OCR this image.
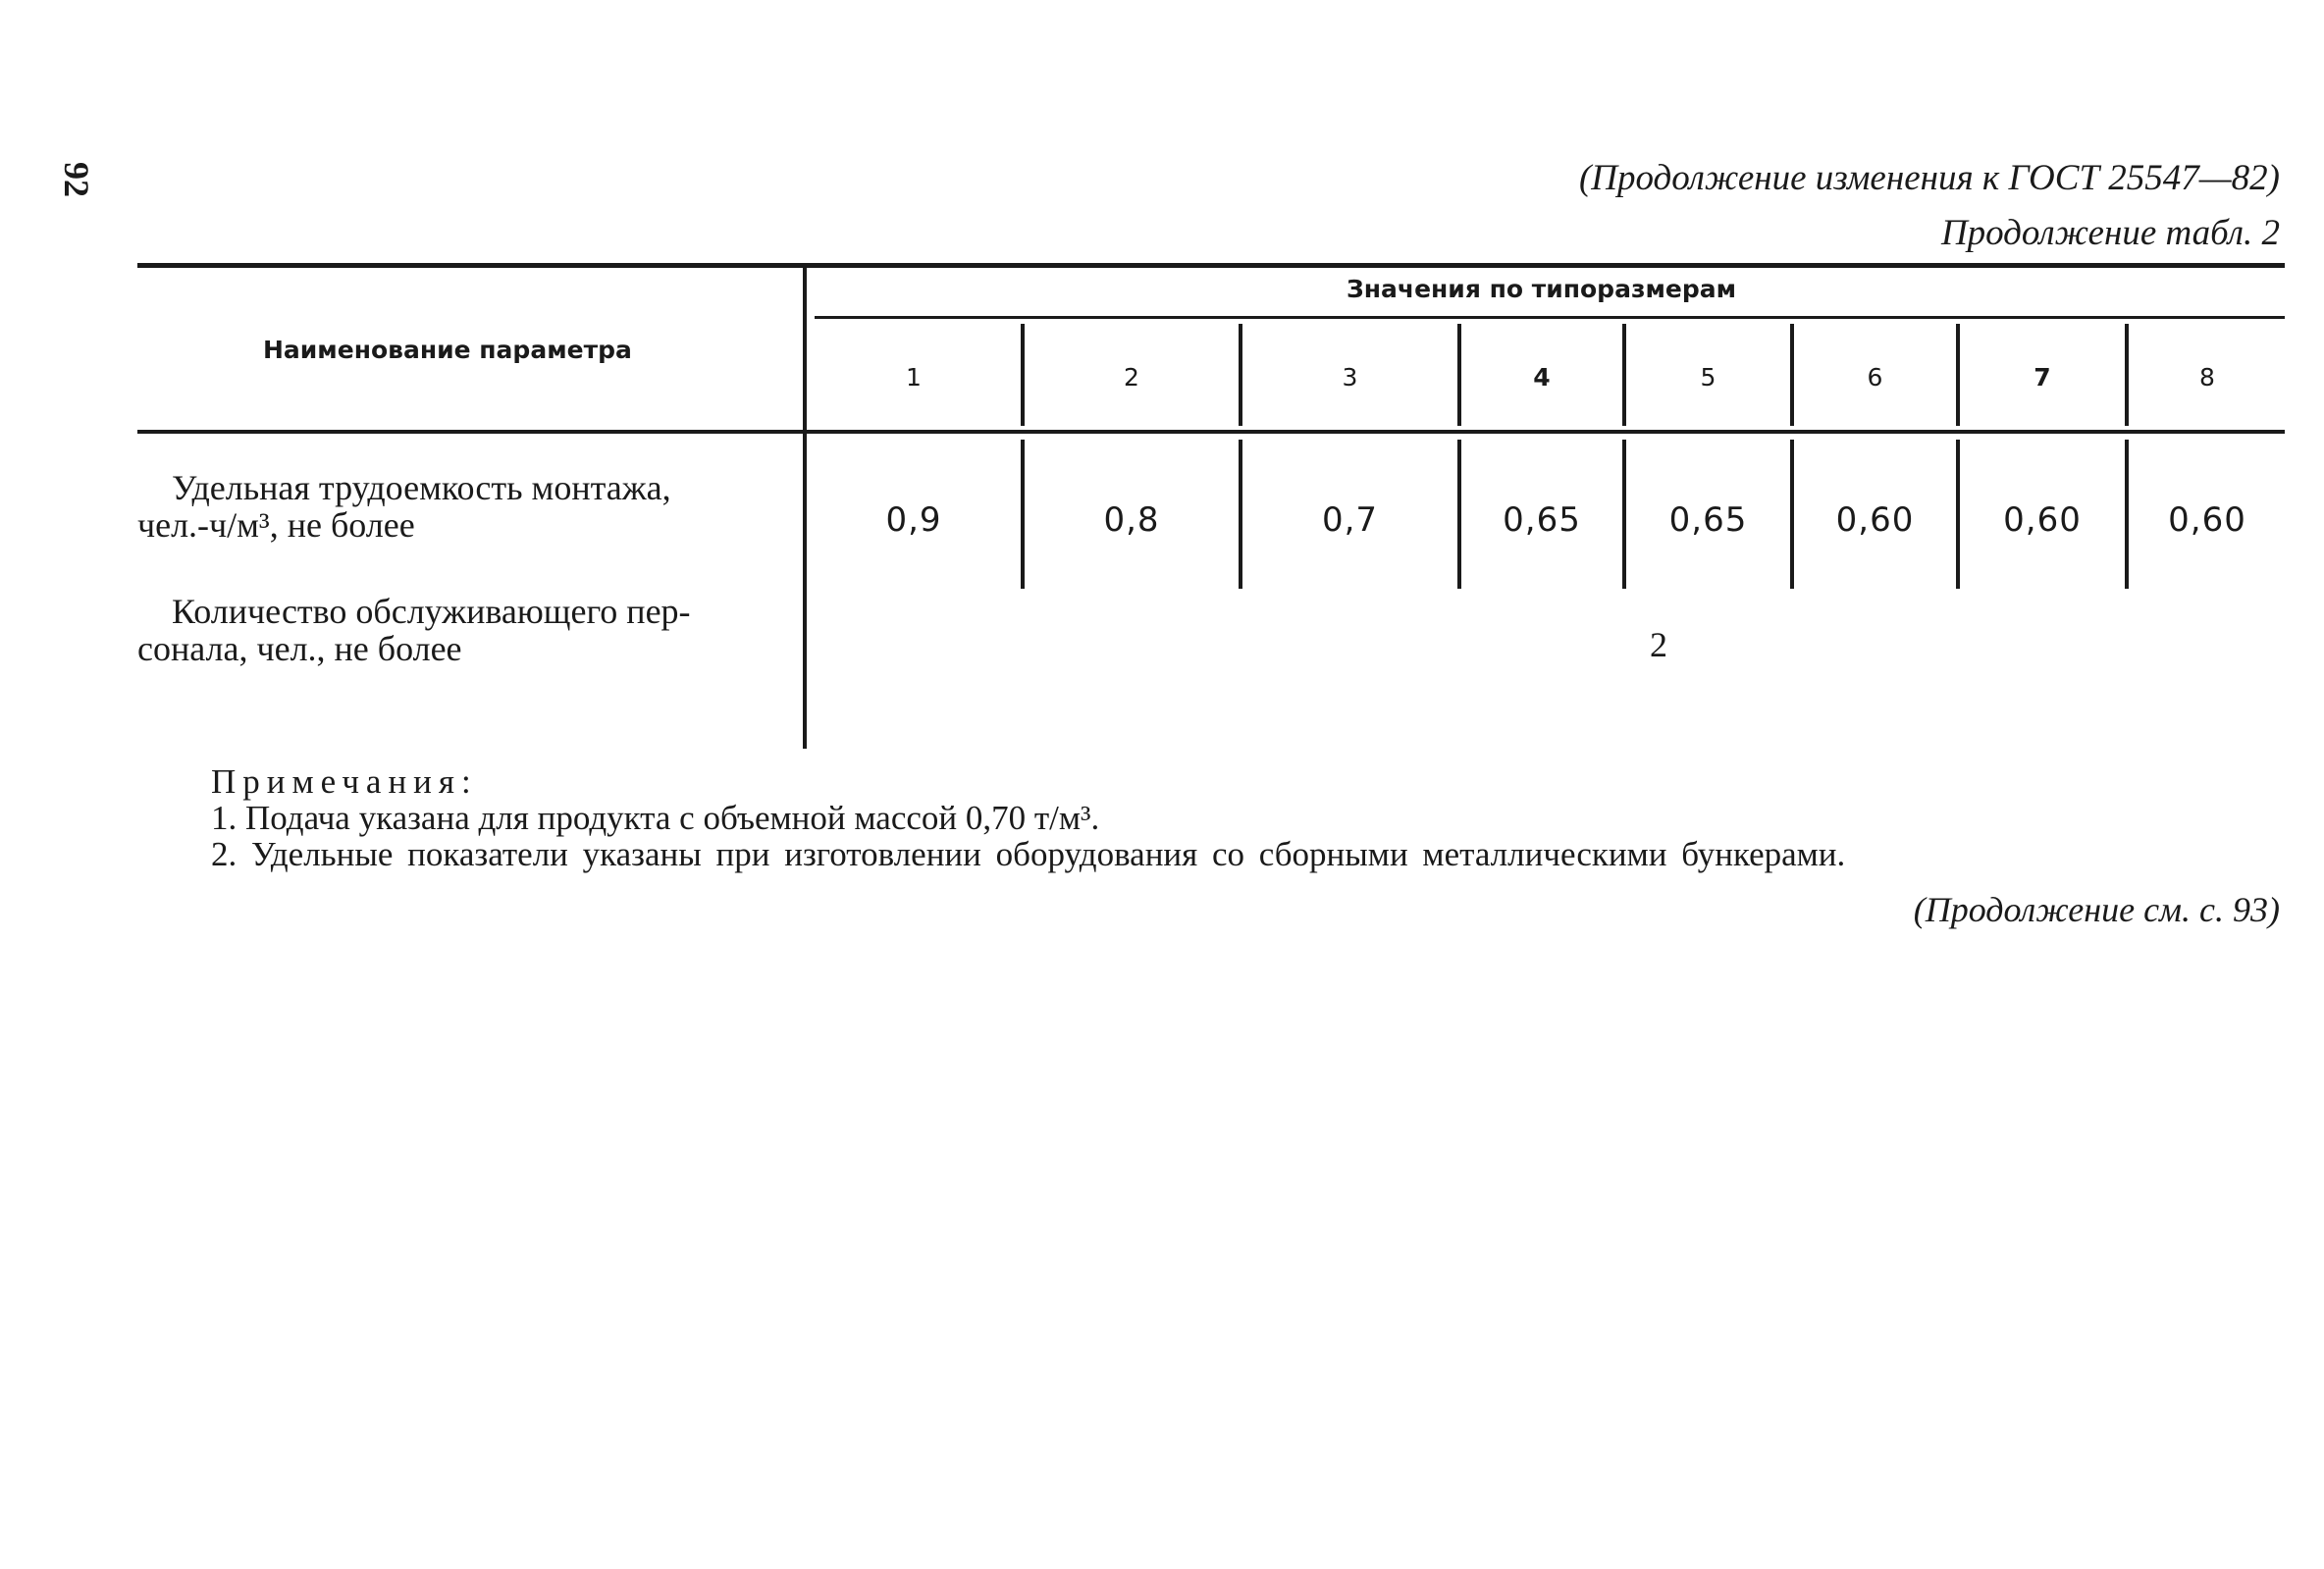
92	(Продолжение изменения к ГОСТ 25547—82)
Продолжение табл. 2
Наименование параметра
Значения по типоразмерам
1	2	3	4	5	6	7	8
Удельная трудоемкость монтажа,
чел.-ч/м³, не более	0,9	0,8	0,7	0,65	0,65	0,60	0,60	0,60
Количество обслуживающего пер-
сонала, чел., не более	2
Примечания:
1. Подача указана для продукта с объемной массой 0,70 т/м³.
2. Удельные показатели указаны при изготовлении оборудования со сборными металлическими бункерами.
(Продолжение см. с. 93)
